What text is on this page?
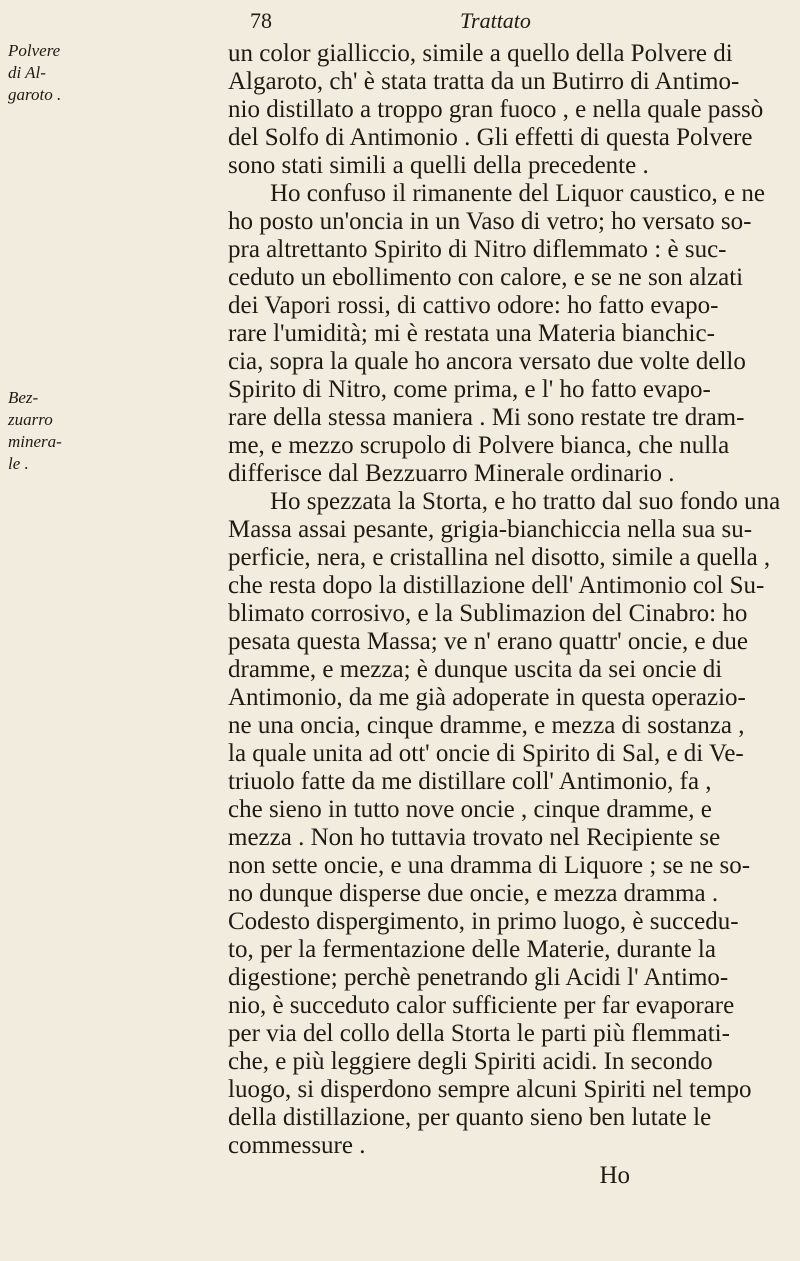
78	Trattato
Polvere
di Al-
garoto .
Bez-
zuarro
minera-
le .
un color gialliccio, simile a quello della Polvere di
Algaroto, ch' è stata tratta da un Butirro di Antimo-
nio distillato a troppo gran fuoco , e nella quale passò
del Solfo di Antimonio . Gli effetti di questa Polvere
sono stati simili a quelli della precedente .
Ho confuso il rimanente del Liquor caustico, e ne
ho posto un'oncia in un Vaso di vetro; ho versato so-
pra altrettanto Spirito di Nitro diflemmato : è suc-
ceduto un ebollimento con calore, e se ne son alzati
dei Vapori rossi, di cattivo odore: ho fatto evapo-
rare l'umidità; mi è restata una Materia bianchic-
cia, sopra la quale ho ancora versato due volte dello
Spirito di Nitro, come prima, e l' ho fatto evapo-
rare della stessa maniera . Mi sono restate tre dram-
me, e mezzo scrupolo di Polvere bianca, che nulla
differisce dal Bezzuarro Minerale ordinario .
Ho spezzata la Storta, e ho tratto dal suo fondo una
Massa assai pesante, grigia-bianchiccia nella sua su-
perficie, nera, e cristallina nel disotto, simile a quella ,
che resta dopo la distillazione dell' Antimonio col Su-
blimato corrosivo, e la Sublimazion del Cinabro: ho
pesata questa Massa; ve n' erano quattr' oncie, e due
dramme, e mezza; è dunque uscita da sei oncie di
Antimonio, da me già adoperate in questa operazio-
ne una oncia, cinque dramme, e mezza di sostanza ,
la quale unita ad ott' oncie di Spirito di Sal, e di Ve-
triuolo fatte da me distillare coll' Antimonio, fa ,
che sieno in tutto nove oncie , cinque dramme, e
mezza . Non ho tuttavia trovato nel Recipiente se
non sette oncie, e una dramma di Liquore ; se ne so-
no dunque disperse due oncie, e mezza dramma .
Codesto dispergimento, in primo luogo, è succedu-
to, per la fermentazione delle Materie, durante la
digestione; perchè penetrando gli Acidi l' Antimo-
nio, è succeduto calor sufficiente per far evaporare
per via del collo della Storta le parti più flemmati-
che, e più leggiere degli Spiriti acidi. In secondo
luogo, si disperdono sempre alcuni Spiriti nel tempo
della distillazione, per quanto sieno ben lutate le
commessure .
Ho
